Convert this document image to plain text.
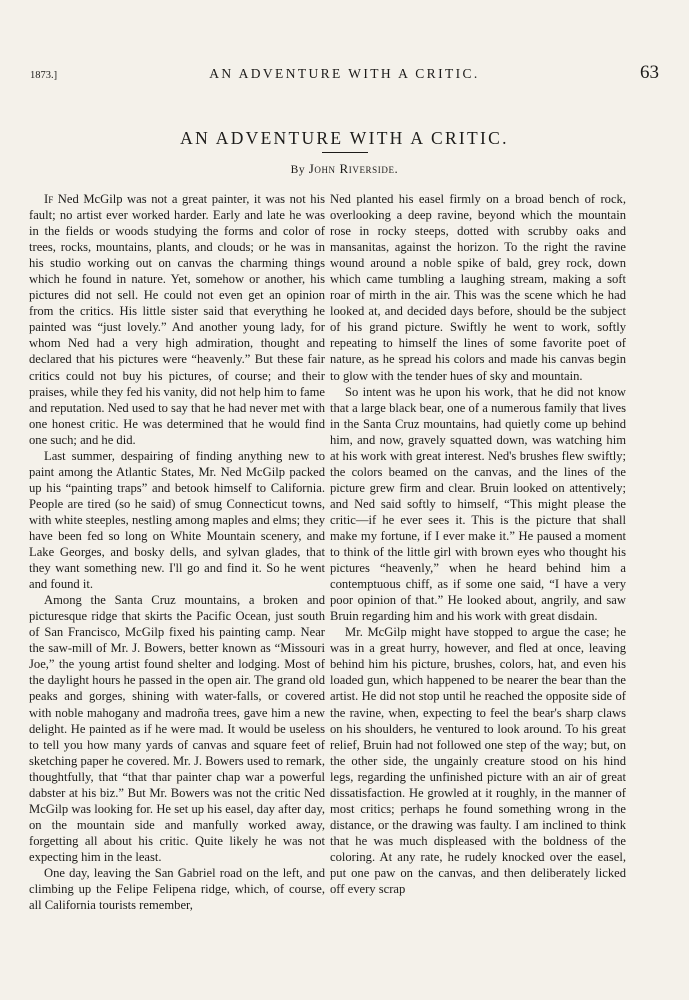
1873.]	AN ADVENTURE WITH A CRITIC.	63
AN ADVENTURE WITH A CRITIC.
By John Riverside.

If Ned McGilp was not a great painter, it was not his fault; no artist ever worked harder. Early and late he was in the fields or woods studying the forms and color of trees, rocks, mountains, plants, and clouds; or he was in his studio working out on canvas the charming things which he found in nature. Yet, somehow or another, his pictures did not sell. He could not even get an opinion from the critics. His little sister said that everything he painted was “just lovely.” And another young lady, for whom Ned had a very high admiration, thought and declared that his pictures were “heavenly.” But these fair critics could not buy his pictures, of course; and their praises, while they fed his vanity, did not help him to fame and reputation. Ned used to say that he had never met with one honest critic. He was determined that he would find one such; and he did.

Last summer, despairing of finding anything new to paint among the Atlantic States, Mr. Ned McGilp packed up his “painting traps” and betook himself to California. People are tired (so he said) of smug Connecticut towns, with white steeples, nestling among maples and elms; they have been fed so long on White Mountain scenery, and Lake Georges, and bosky dells, and sylvan glades, that they want something new. I'll go and find it. So he went and found it.

Among the Santa Cruz mountains, a broken and picturesque ridge that skirts the Pacific Ocean, just south of San Francisco, McGilp fixed his painting camp. Near the saw-mill of Mr. J. Bowers, better known as “Missouri Joe,” the young artist found shelter and lodging. Most of the daylight hours he passed in the open air. The grand old peaks and gorges, shining with water-falls, or covered with noble mahogany and madroña trees, gave him a new delight. He painted as if he were mad. It would be useless to tell you how many yards of canvas and square feet of sketching paper he covered. Mr. J. Bowers used to remark, thoughtfully, that “that thar painter chap war a powerful dabster at his biz.” But Mr. Bowers was not the critic Ned McGilp was looking for. He set up his easel, day after day, on the mountain side and manfully worked away, forgetting all about his critic. Quite likely he was not expecting him in the least.

One day, leaving the San Gabriel road on the left, and climbing up the Felipe Felipena ridge, which, of course, all California tourists remember,

Ned planted his easel firmly on a broad bench of rock, overlooking a deep ravine, beyond which the mountain rose in rocky steeps, dotted with scrubby oaks and mansanitas, against the horizon. To the right the ravine wound around a noble spike of bald, grey rock, down which came tumbling a laughing stream, making a soft roar of mirth in the air. This was the scene which he had looked at, and decided days before, should be the subject of his grand picture. Swiftly he went to work, softly repeating to himself the lines of some favorite poet of nature, as he spread his colors and made his canvas begin to glow with the tender hues of sky and mountain.

So intent was he upon his work, that he did not know that a large black bear, one of a numerous family that lives in the Santa Cruz mountains, had quietly come up behind him, and now, gravely squatted down, was watching him at his work with great interest. Ned's brushes flew swiftly; the colors beamed on the canvas, and the lines of the picture grew firm and clear. Bruin looked on attentively; and Ned said softly to himself, “This might please the critic—if he ever sees it. This is the picture that shall make my fortune, if I ever make it.” He paused a moment to think of the little girl with brown eyes who thought his pictures “heavenly,” when he heard behind him a contemptuous chiff, as if some one said, “I have a very poor opinion of that.” He looked about, angrily, and saw Bruin regarding him and his work with great disdain.

Mr. McGilp might have stopped to argue the case; he was in a great hurry, however, and fled at once, leaving behind him his picture, brushes, colors, hat, and even his loaded gun, which happened to be nearer the bear than the artist. He did not stop until he reached the opposite side of the ravine, when, expecting to feel the bear's sharp claws on his shoulders, he ventured to look around. To his great relief, Bruin had not followed one step of the way; but, on the other side, the ungainly creature stood on his hind legs, regarding the unfinished picture with an air of great dissatisfaction. He growled at it roughly, in the manner of most critics; perhaps he found something wrong in the distance, or the drawing was faulty. I am inclined to think that he was much displeased with the boldness of the coloring. At any rate, he rudely knocked over the easel, put one paw on the canvas, and then deliberately licked off every scrap
